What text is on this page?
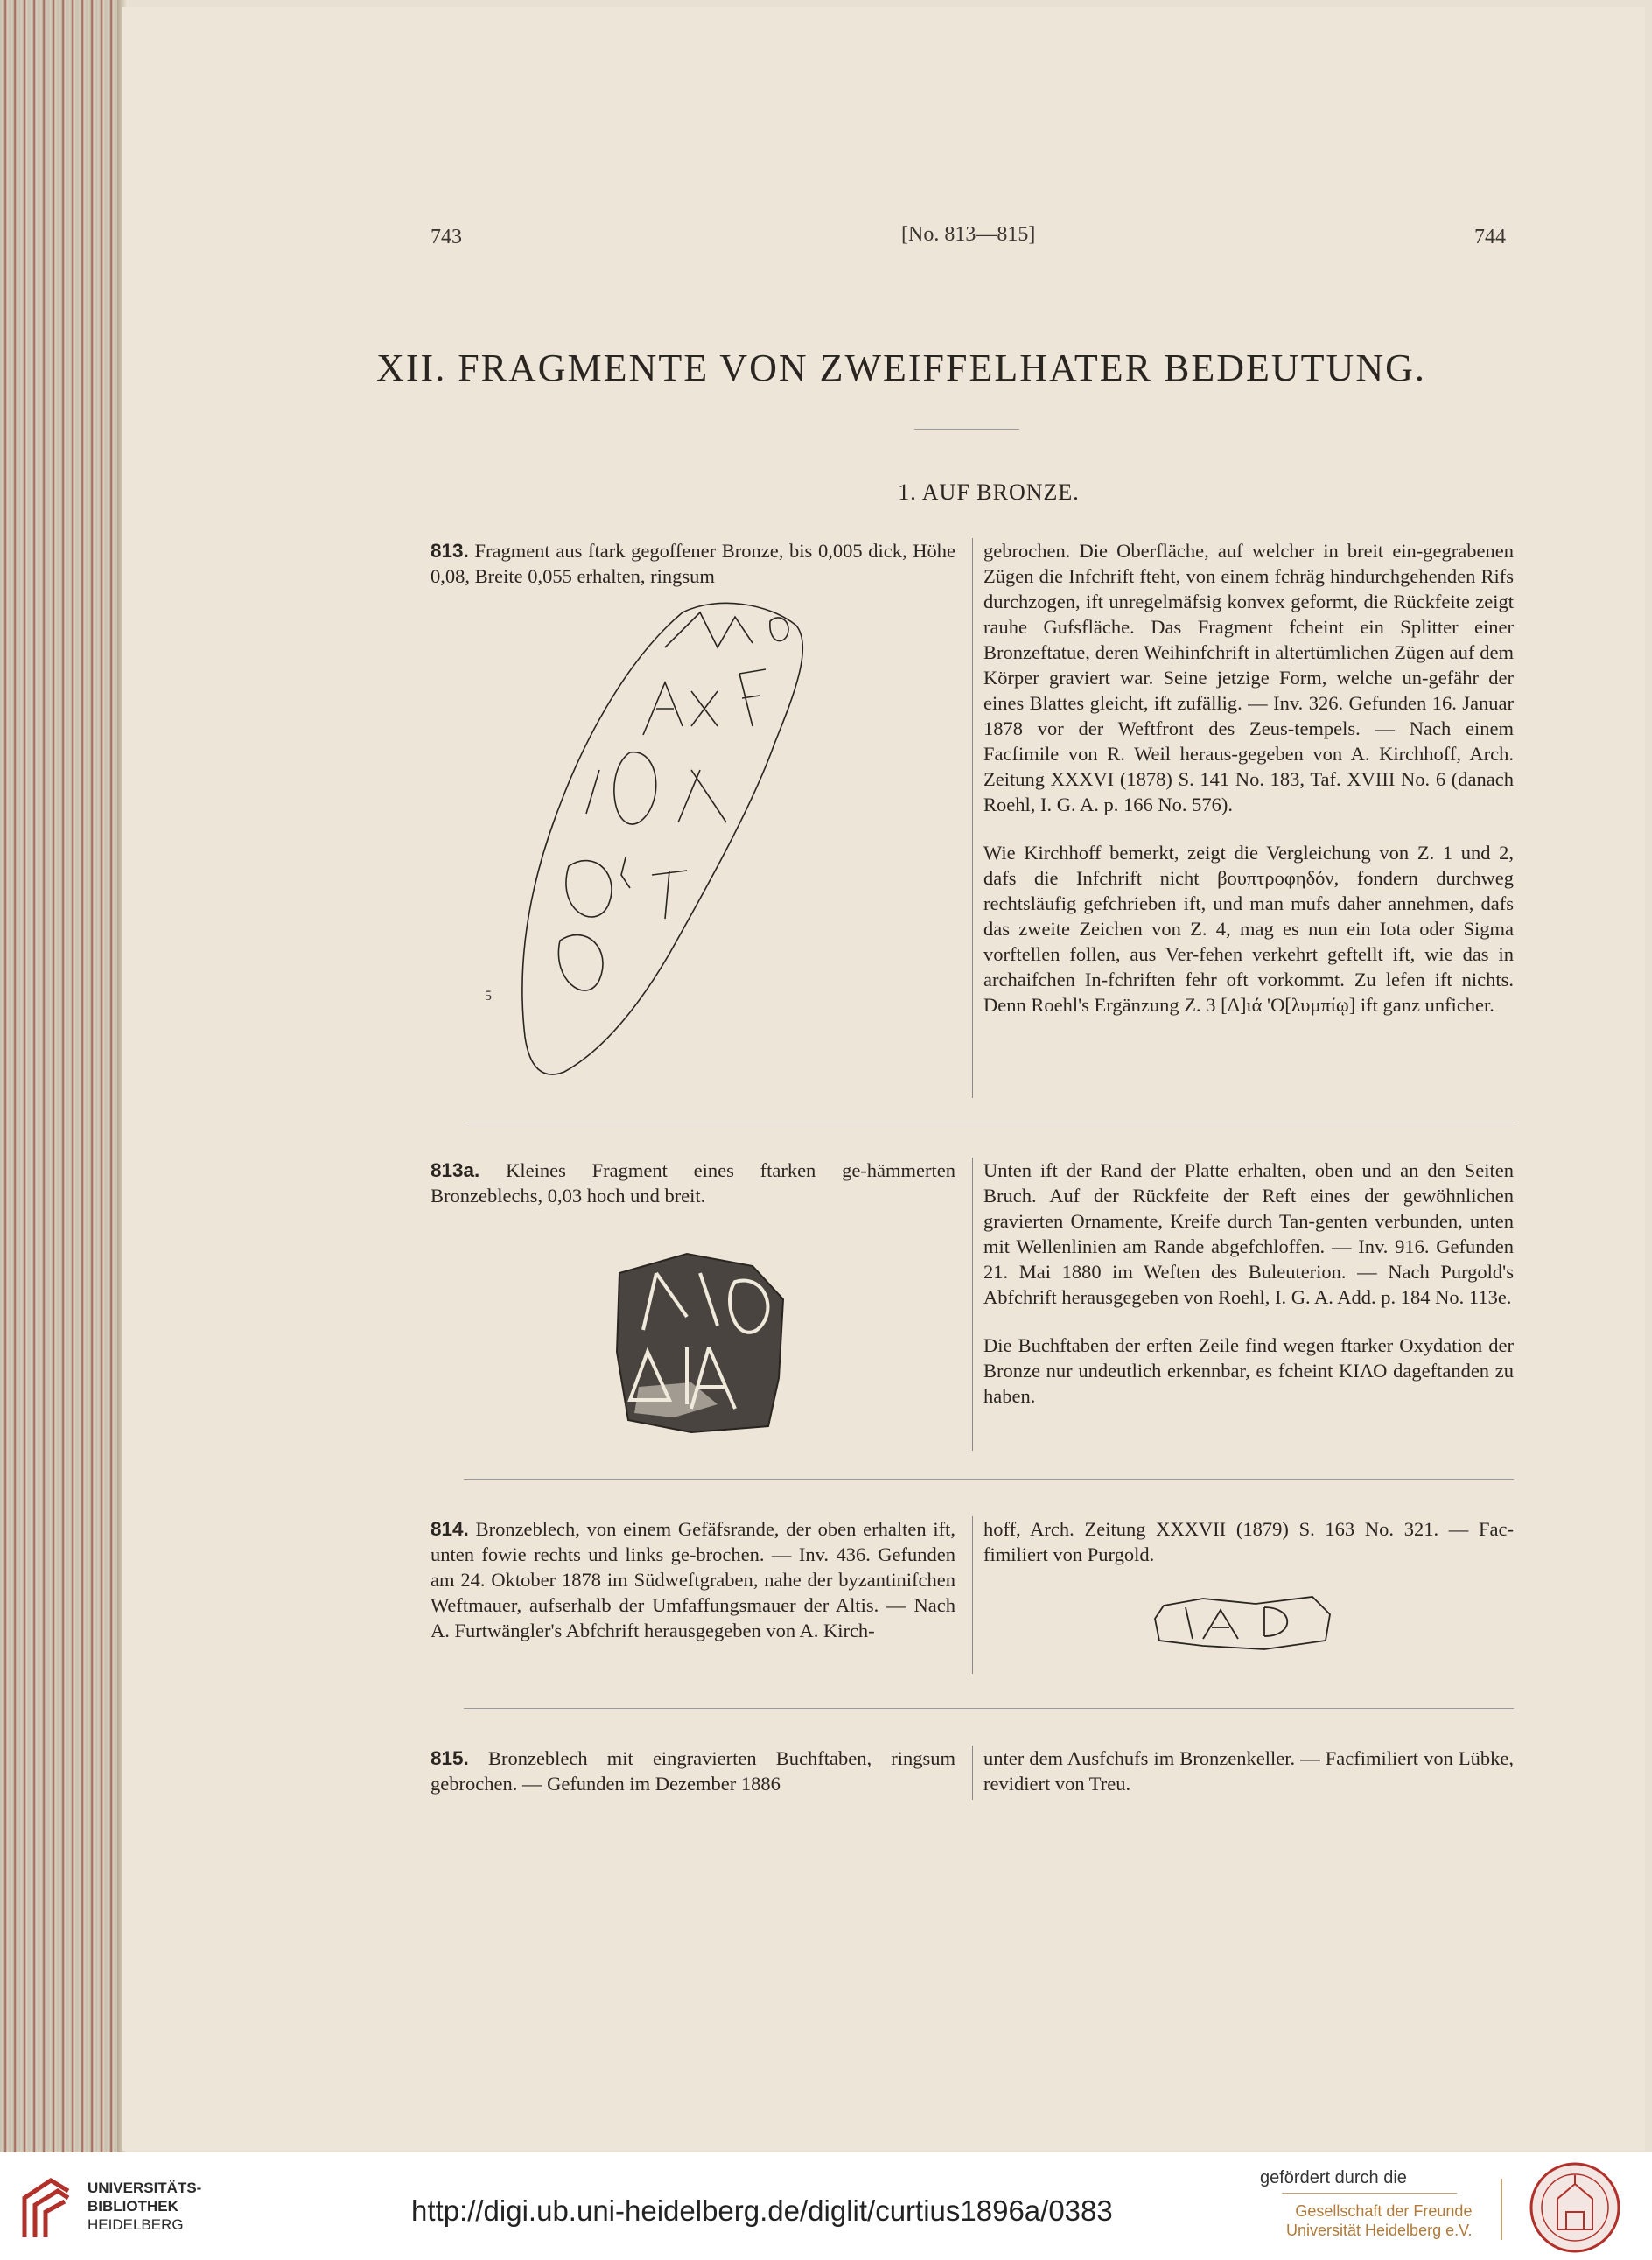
743	[No. 813—815]	744
XII. FRAGMENTE VON ZWEIFFELHATER BEDEUTUNG.
1. AUF BRONZE.

813. Fragment aus ftark gegoffener Bronze, bis 0,005 dick, Höhe 0,08, Breite 0,055 erhalten, ringsum

5

gebrochen. Die Oberfläche, auf welcher in breit ein-gegrabenen Zügen die Infchrift fteht, von einem fchräg hindurchgehenden Rifs durchzogen, ift unregelmäfsig konvex geformt, die Rückfeite zeigt rauhe Gufsfläche. Das Fragment fcheint ein Splitter einer Bronzeftatue, deren Weihinfchrift in altertümlichen Zügen auf dem Körper graviert war. Seine jetzige Form, welche un-gefähr der eines Blattes gleicht, ift zufällig. — Inv. 326. Gefunden 16. Januar 1878 vor der Weftfront des Zeus-tempels. — Nach einem Facfimile von R. Weil heraus-gegeben von A. Kirchhoff, Arch. Zeitung XXXVI (1878) S. 141 No. 183, Taf. XVIII No. 6 (danach Roehl, I. G. A. p. 166 No. 576).

Wie Kirchhoff bemerkt, zeigt die Vergleichung von Z. 1 und 2, dafs die Infchrift nicht βουπτροφηδόν, fondern durchweg rechtsläufig gefchrieben ift, und man mufs daher annehmen, dafs das zweite Zeichen von Z. 4, mag es nun ein Iota oder Sigma vorftellen follen, aus Ver-fehen verkehrt geftellt ift, wie das in archaifchen In-fchriften fehr oft vorkommt. Zu lefen ift nichts. Denn Roehl's Ergänzung Z. 3 [Δ]ιά 'Ο[λυμπίῳ] ift ganz unficher.

813a. Kleines Fragment eines ftarken ge-hämmerten Bronzeblechs, 0,03 hoch und breit.

Unten ift der Rand der Platte erhalten, oben und an den Seiten Bruch. Auf der Rückfeite der Reft eines der gewöhnlichen gravierten Ornamente, Kreife durch Tan-genten verbunden, unten mit Wellenlinien am Rande abgefchloffen. — Inv. 916. Gefunden 21. Mai 1880 im Weften des Buleuterion. — Nach Purgold's Abfchrift herausgegeben von Roehl, I. G. A. Add. p. 184 No. 113e.

Die Buchftaben der erften Zeile find wegen ftarker Oxydation der Bronze nur undeutlich erkennbar, es fcheint ΚΙΛΟ dageftanden zu haben.

814. Bronzeblech, von einem Gefäfsrande, der oben erhalten ift, unten fowie rechts und links ge-brochen. — Inv. 436. Gefunden am 24. Oktober 1878 im Südweftgraben, nahe der byzantinifchen Weftmauer, aufserhalb der Umfaffungsmauer der Altis. — Nach A. Furtwängler's Abfchrift herausgegeben von A. Kirch-

hoff, Arch. Zeitung XXXVII (1879) S. 163 No. 321. — Fac-fimiliert von Purgold.

815. Bronzeblech mit eingravierten Buchftaben, ringsum gebrochen. — Gefunden im Dezember 1886

unter dem Ausfchufs im Bronzenkeller. — Facfimiliert von Lübke, revidiert von Treu.

UNIVERSITÄTS-
BIBLIOTHEK
HEIDELBERG	http://digi.ub.uni-heidelberg.de/diglit/curtius1896a/0383
gefördert durch die
Gesellschaft der Freunde
Universität Heidelberg e.V.
